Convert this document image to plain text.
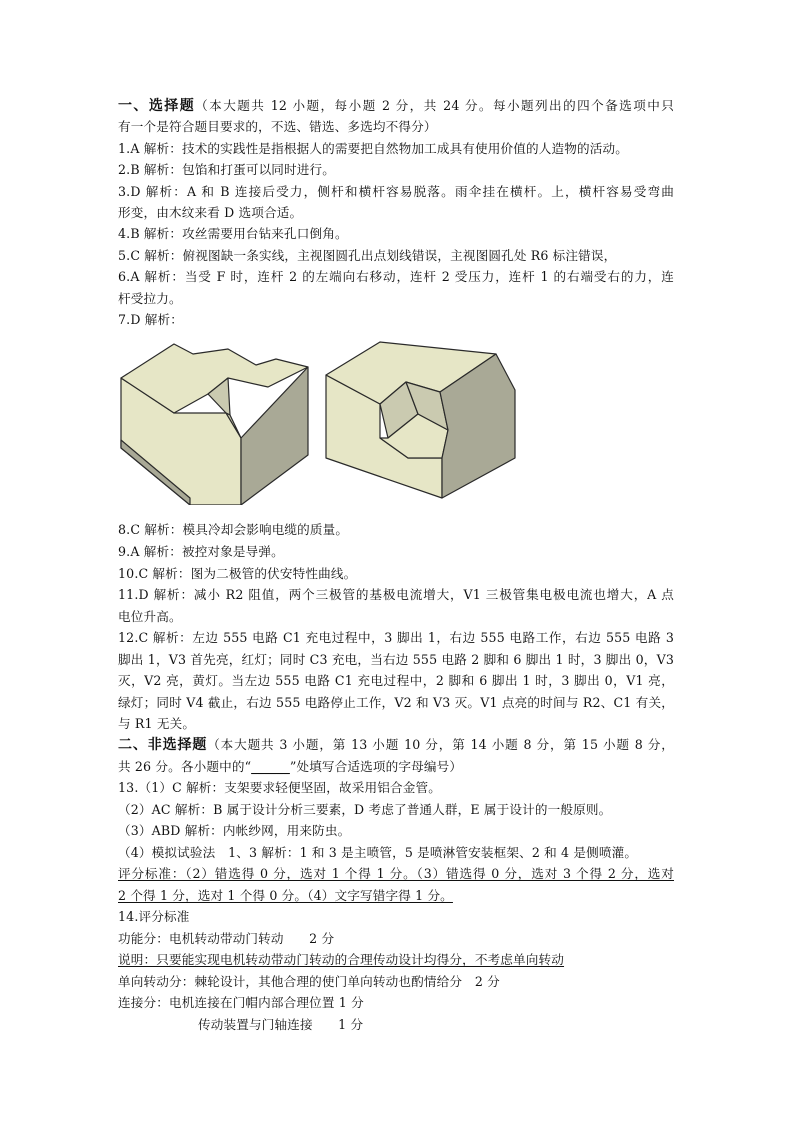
一、选择题（本大题共 12 小题，每小题 2 分，共 24 分。每小题列出的四个备选项中只
有一个是符合题目要求的，不选、错选、多选均不得分）
1.A 解析：技术的实践性是指根据人的需要把自然物加工成具有使用价值的人造物的活动。
2.B 解析：包馅和打蛋可以同时进行。
3.D 解析：A 和 B 连接后受力，侧杆和横杆容易脱落。雨伞挂在横杆。上，横杆容易受弯曲
形变，由木纹来看 D 选项合适。
4.B 解析：攻丝需要用台钻来孔口倒角。
5.C 解析：俯视图缺一条实线，主视图圆孔出点划线错误，主视图圆孔处 R6 标注错误，
6.A 解析：当受 F 时，连杆 2 的左端向右移动，连杆 2 受压力，连杆 1 的右端受右的力，连
杆受拉力。
7.D 解析：
8.C 解析：模具冷却会影响电缆的质量。
9.A 解析：被控对象是导弹。
10.C 解析：图为二极管的伏安特性曲线。
11.D 解析：减小 R2 阻值，两个三极管的基极电流增大，V1 三极管集电极电流也增大，A 点
电位升高。
12.C 解析：左边 555 电路 C1 充电过程中，3 脚出 1，右边 555 电路工作，右边 555 电路 3
脚出 1，V3 首先亮，红灯；同时 C3 充电，当右边 555 电路 2 脚和 6 脚出 1 时，3 脚出 0，V3
灭，V2 亮，黄灯。当左边 555 电路 C1 充电过程中，2 脚和 6 脚出 1 时，3 脚出 0，V1 亮，
绿灯；同时 V4 截止，右边 555 电路停止工作，V2 和 V3 灭。V1 点亮的时间与 R2、C1 有关，
与 R1 无关。
二、非选择题（本大题共 3 小题，第 13 小题 10 分，第 14 小题 8 分，第 15 小题 8 分，
共 26 分。各小题中的“______”处填写合适选项的字母编号）
13.（1）C 解析：支架要求轻便坚固，故采用铝合金管。
（2）AC 解析：B 属于设计分析三要素，D 考虑了普通人群，E 属于设计的一般原则。
（3）ABD 解析：内帐纱网，用来防虫。
（4）模拟试验法　1、3 解析：1 和 3 是主喷管，5 是喷淋管安装框架、2 和 4 是侧喷灌。
评分标准：（2）错选得 0 分，选对 1 个得 1 分。（3）错选得 0 分，选对 3 个得 2 分，选对
2 个得 1 分，选对 1 个得 0 分。（4）文字写错字得 1 分。
14.评分标准
功能分：电机转动带动门转动　　2 分
说明：只要能实现电机转动带动门转动的合理传动设计均得分，不考虑单向转动
单向转动分：棘轮设计，其他合理的使门单向转动也酌情给分　2 分
连接分：电机连接在门帽内部合理位置 1 分
传动装置与门轴连接　　1 分
